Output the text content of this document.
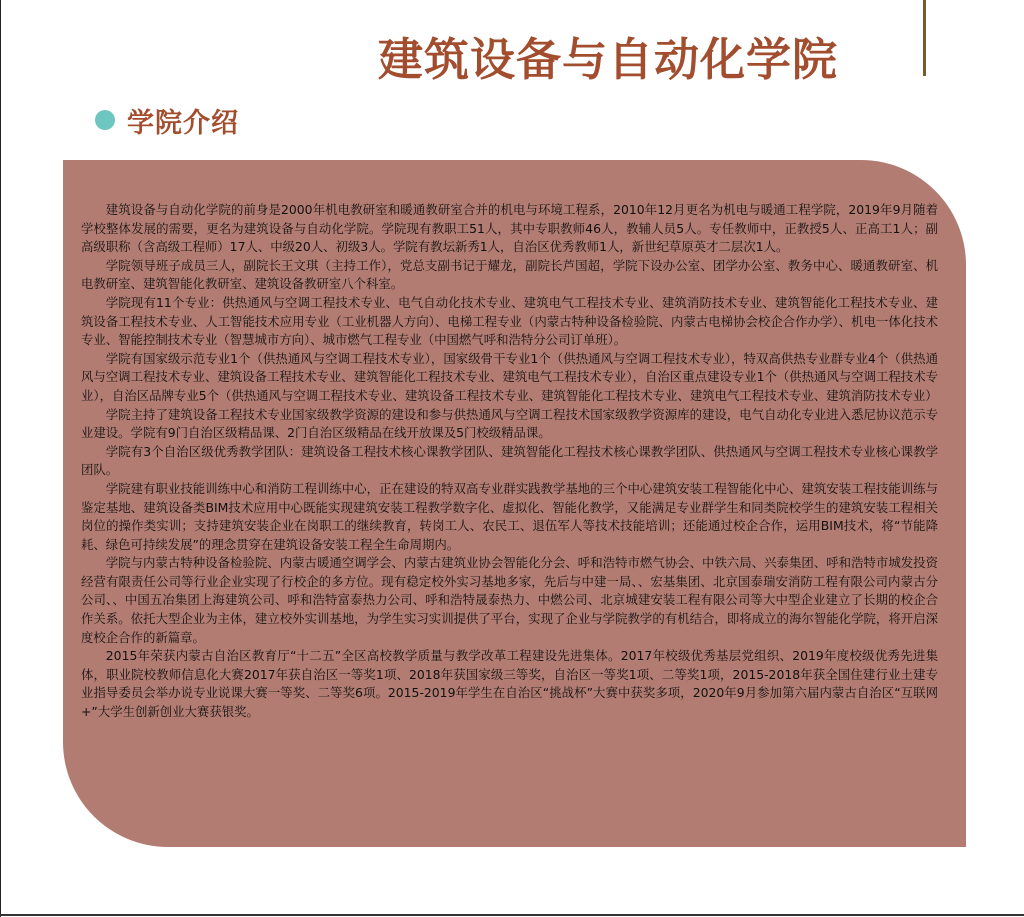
建筑设备与自动化学院
学院介绍

建筑设备与自动化学院的前身是2000年机电教研室和暖通教研室合并的机电与环境工程系，2010年12月更名为机电与暖通工程学院，2019年9月随着学校整体发展的需要，更名为建筑设备与自动化学院。学院现有教职工51人，其中专职教师46人，教辅人员5人。专任教师中，正教授5人、正高工1人；副高级职称（含高级工程师）17人、中级20人、初级3人。学院有教坛新秀1人，自治区优秀教师1人，新世纪草原英才二层次1人。

学院领导班子成员三人，副院长王文琪（主持工作），党总支副书记于耀龙，副院长芦国超，学院下设办公室、团学办公室、教务中心、暖通教研室、机电教研室、建筑智能化教研室、建筑设备教研室八个科室。

学院现有11个专业：供热通风与空调工程技术专业、电气自动化技术专业、建筑电气工程技术专业、建筑消防技术专业、建筑智能化工程技术专业、建筑设备工程技术专业、人工智能技术应用专业（工业机器人方向）、电梯工程专业（内蒙古特种设备检验院、内蒙古电梯协会校企合作办学）、机电一体化技术专业、智能控制技术专业（智慧城市方向）、城市燃气工程专业（中国燃气呼和浩特分公司订单班）。

学院有国家级示范专业1个（供热通风与空调工程技术专业），国家级骨干专业1个（供热通风与空调工程技术专业），特双高供热专业群专业4个（供热通风与空调工程技术专业、建筑设备工程技术专业、建筑智能化工程技术专业、建筑电气工程技术专业），自治区重点建设专业1个（供热通风与空调工程技术专业），自治区品牌专业5个（供热通风与空调工程技术专业、建筑设备工程技术专业、建筑智能化工程技术专业、建筑电气工程技术专业、建筑消防技术专业）

学院主持了建筑设备工程技术专业国家级教学资源的建设和参与供热通风与空调工程技术国家级教学资源库的建设，电气自动化专业进入悉尼协议范示专业建设。学院有9门自治区级精品课、2门自治区级精品在线开放课及5门校级精品课。

学院有3个自治区级优秀教学团队：建筑设备工程技术核心课教学团队、建筑智能化工程技术核心课教学团队、供热通风与空调工程技术专业核心课教学团队。

学院建有职业技能训练中心和消防工程训练中心，正在建设的特双高专业群实践教学基地的三个中心建筑安装工程智能化中心、建筑安装工程技能训练与鉴定基地、建筑设备类BIM技术应用中心既能实现建筑安装工程教学数字化、虚拟化、智能化教学，又能满足专业群学生和同类院校学生的建筑安装工程相关岗位的操作类实训；支持建筑安装企业在岗职工的继续教育，转岗工人、农民工、退伍军人等技术技能培训；还能通过校企合作，运用BIM技术，将“节能降耗、绿色可持续发展”的理念贯穿在建筑设备安装工程全生命周期内。

学院与内蒙古特种设备检验院、内蒙古暖通空调学会、内蒙古建筑业协会智能化分会、呼和浩特市燃气协会、中铁六局、兴泰集团、呼和浩特市城发投资经营有限责任公司等行业企业实现了行校企的多方位。现有稳定校外实习基地多家，先后与中建一局、、宏基集团、北京国泰瑞安消防工程有限公司内蒙古分公司、、中国五冶集团上海建筑公司、呼和浩特富泰热力公司、呼和浩特晟泰热力、中燃公司、北京城建安装工程有限公司等大中型企业建立了长期的校企合作关系。依托大型企业为主体，建立校外实训基地，为学生实习实训提供了平台，实现了企业与学院教学的有机结合，即将成立的海尔智能化学院，将开启深度校企合作的新篇章。

2015年荣获内蒙古自治区教育厅“十二五”全区高校教学质量与教学改革工程建设先进集体。2017年校级优秀基层党组织、2019年度校级优秀先进集体，职业院校教师信息化大赛2017年获自治区一等奖1项、2018年获国家级三等奖，自治区一等奖1项、二等奖1项，2015-2018年获全国住建行业土建专业指导委员会举办说专业说课大赛一等奖、二等奖6项。2015-2019年学生在自治区“挑战杯”大赛中获奖多项，2020年9月参加第六届内蒙古自治区“互联网+”大学生创新创业大赛获银奖。
